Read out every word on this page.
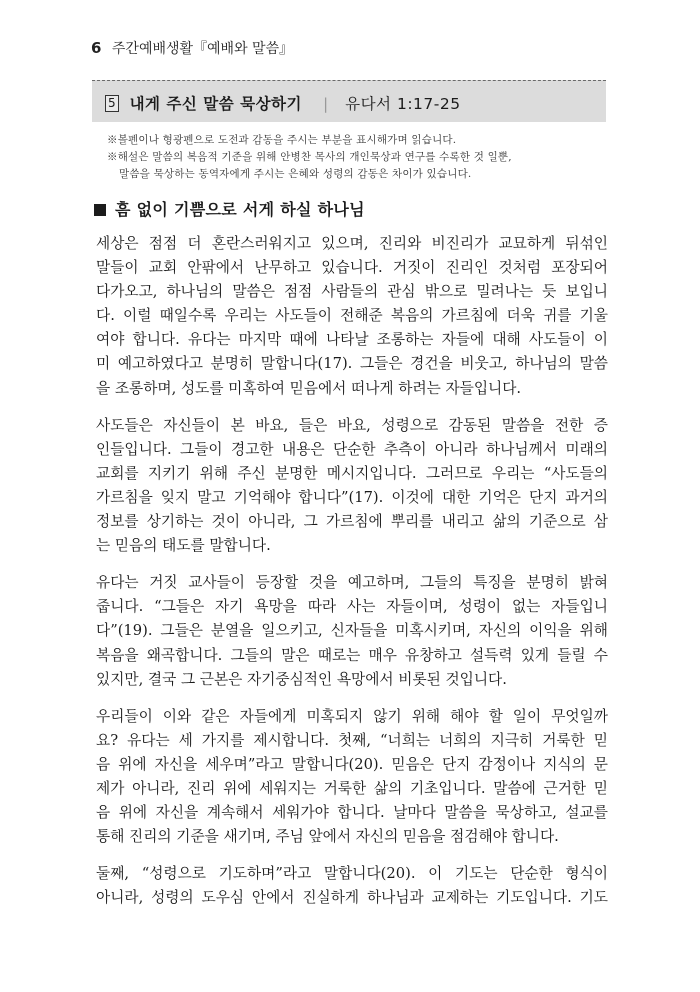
6 주간예배생활『예배와 말씀』
5 내게 주신 말씀 묵상하기 | 유다서 1:17-25

※볼펜이나 형광펜으로 도전과 감동을 주시는 부분을 표시해가며 읽습니다.

※해설은 말씀의 복음적 기준을 위해 안병찬 목사의 개인묵상과 연구를 수록한 것 일뿐,

말씀을 묵상하는 동역자에게 주시는 은혜와 성령의 감동은 차이가 있습니다.

흠 없이 기쁨으로 서게 하실 하나님
세상은 점점 더 혼란스러워지고 있으며, 진리와 비진리가 교묘하게 뒤섞인
말들이 교회 안팎에서 난무하고 있습니다. 거짓이 진리인 것처럼 포장되어
다가오고, 하나님의 말씀은 점점 사람들의 관심 밖으로 밀려나는 듯 보입니
다. 이럴 때일수록 우리는 사도들이 전해준 복음의 가르침에 더욱 귀를 기울
여야 합니다. 유다는 마지막 때에 나타날 조롱하는 자들에 대해 사도들이 이
미 예고하였다고 분명히 말합니다(17). 그들은 경건을 비웃고, 하나님의 말씀
을 조롱하며, 성도를 미혹하여 믿음에서 떠나게 하려는 자들입니다.
사도들은 자신들이 본 바요, 들은 바요, 성령으로 감동된 말씀을 전한 증
인들입니다. 그들이 경고한 내용은 단순한 추측이 아니라 하나님께서 미래의
교회를 지키기 위해 주신 분명한 메시지입니다. 그러므로 우리는 “사도들의
가르침을 잊지 말고 기억해야 합니다”(17). 이것에 대한 기억은 단지 과거의
정보를 상기하는 것이 아니라, 그 가르침에 뿌리를 내리고 삶의 기준으로 삼
는 믿음의 태도를 말합니다.
유다는 거짓 교사들이 등장할 것을 예고하며, 그들의 특징을 분명히 밝혀
줍니다. “그들은 자기 욕망을 따라 사는 자들이며, 성령이 없는 자들입니
다”(19). 그들은 분열을 일으키고, 신자들을 미혹시키며, 자신의 이익을 위해
복음을 왜곡합니다. 그들의 말은 때로는 매우 유창하고 설득력 있게 들릴 수
있지만, 결국 그 근본은 자기중심적인 욕망에서 비롯된 것입니다.
우리들이 이와 같은 자들에게 미혹되지 않기 위해 해야 할 일이 무엇일까
요? 유다는 세 가지를 제시합니다. 첫째, “너희는 너희의 지극히 거룩한 믿
음 위에 자신을 세우며”라고 말합니다(20). 믿음은 단지 감정이나 지식의 문
제가 아니라, 진리 위에 세워지는 거룩한 삶의 기초입니다. 말씀에 근거한 믿
음 위에 자신을 계속해서 세워가야 합니다. 날마다 말씀을 묵상하고, 설교를
통해 진리의 기준을 새기며, 주님 앞에서 자신의 믿음을 점검해야 합니다.
둘째, “성령으로 기도하며”라고 말합니다(20). 이 기도는 단순한 형식이
아니라, 성령의 도우심 안에서 진실하게 하나님과 교제하는 기도입니다. 기도
